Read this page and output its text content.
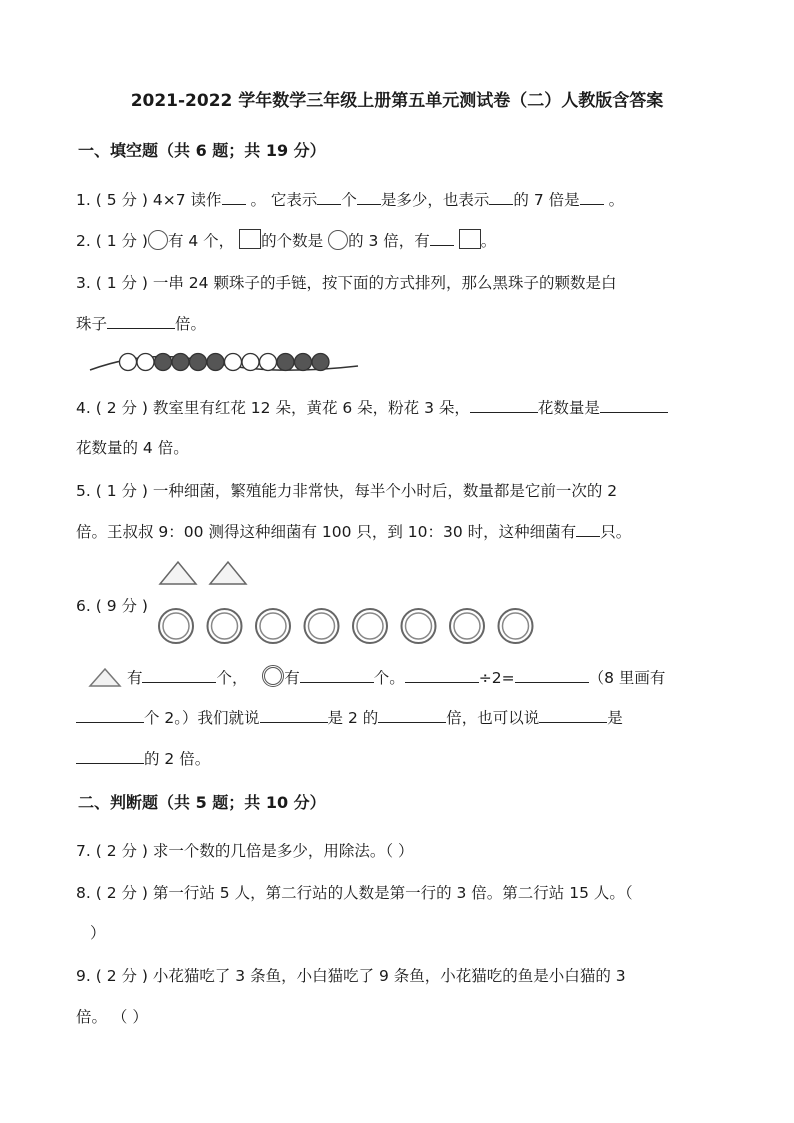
2021-2022 学年数学三年级上册第五单元测试卷（二）人教版含答案
一、填空题（共 6 题；共 19 分）
1. ( 5 分 ) 4×7 读作 。 它表示 个 是多少，也表示 的 7 倍是 。
2. ( 1 分 ) 有 4 个， 的个数是 的 3 倍，有	。
3. ( 1 分 ) 一串 24 颗珠子的手链，按下面的方式排列，那么黑珠子的颗数是白
珠子	倍。
4. ( 2 分 ) 教室里有红花 12 朵，黄花 6 朵，粉花 3 朵，	花数量是
花数量的 4 倍。
5. ( 1 分 ) 一种细菌，繁殖能力非常快，每半个小时后，数量都是它前一次的 2
倍。王叔叔 9：00 测得这种细菌有 100 只，到 10：30 时，这种细菌有 只。
6. ( 9 分 )
有	个， 有	个。	÷2=	（8 里画有
个 2。）我们就说	是 2 的	倍，也可以说	是
的 2 倍。
二、判断题（共 5 题；共 10 分）
7. ( 2 分 ) 求一个数的几倍是多少，用除法。（ ）
8. ( 2 分 ) 第一行站 5 人，第二行站的人数是第一行的 3 倍。第二行站 15 人。（
）
9. ( 2 分 ) 小花猫吃了 3 条鱼，小白猫吃了 9 条鱼，小花猫吃的鱼是小白猫的 3
倍。 （ ）
